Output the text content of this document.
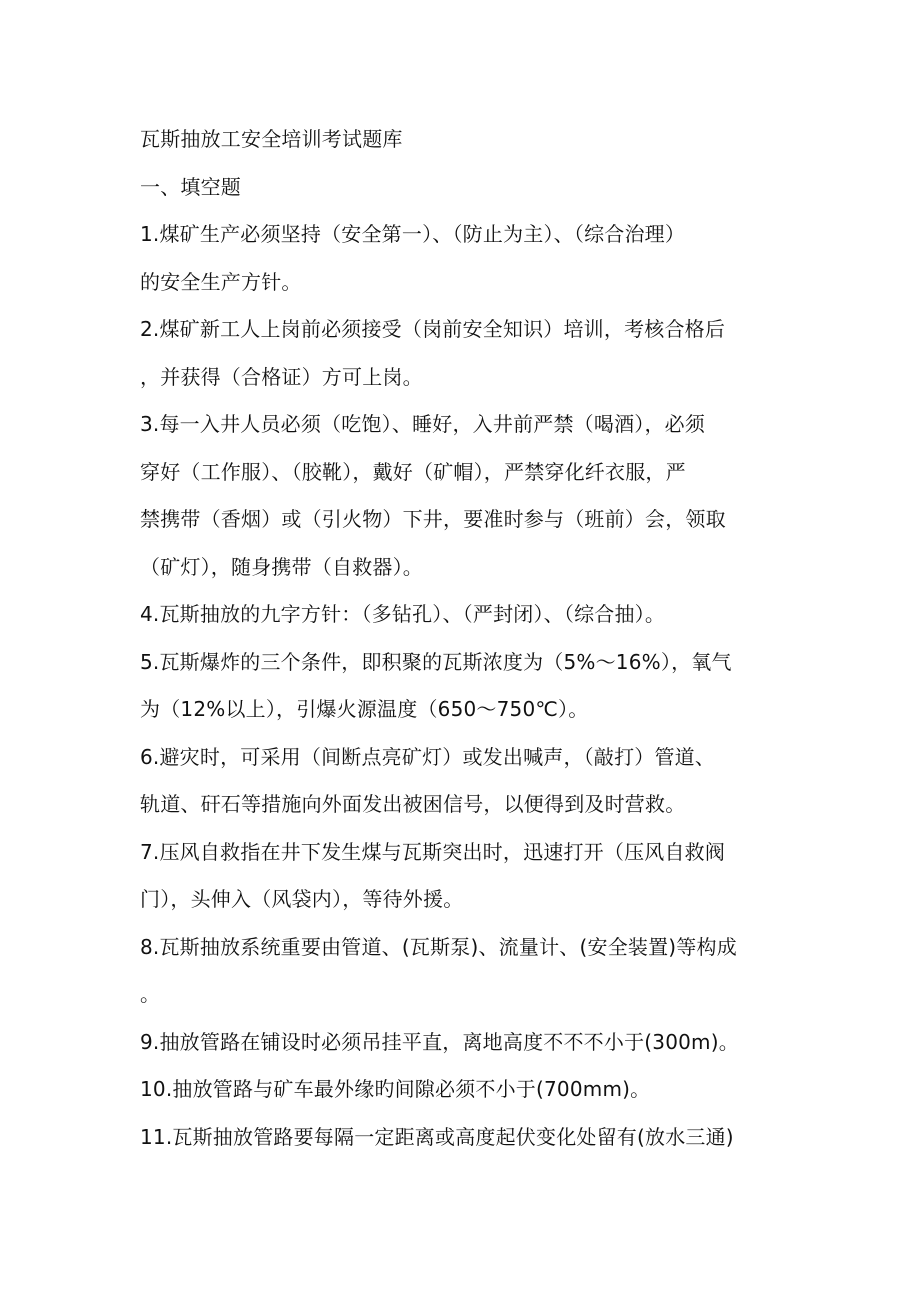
瓦斯抽放工安全培训考试题库
一、填空题
1.煤矿生产必须坚持（安全第一）、（防止为主）、（综合治理）
的安全生产方针。
2.煤矿新工人上岗前必须接受（岗前安全知识）培训，考核合格后
，并获得（合格证）方可上岗。
3.每一入井人员必须（吃饱）、睡好，入井前严禁（喝酒），必须
穿好（工作服）、（胶靴），戴好（矿帽），严禁穿化纤衣服，严
禁携带（香烟）或（引火物）下井，要准时参与（班前）会，领取
（矿灯），随身携带（自救器）。
4.瓦斯抽放的九字方针：（多钻孔）、（严封闭）、（综合抽）。
5.瓦斯爆炸的三个条件，即积聚的瓦斯浓度为（5%～16%），氧气
为（12%以上），引爆火源温度（650～750℃）。
6.避灾时，可采用（间断点亮矿灯）或发出喊声，（敲打）管道、
轨道、矸石等措施向外面发出被困信号，以便得到及时营救。
7.压风自救指在井下发生煤与瓦斯突出时，迅速打开（压风自救阀
门），头伸入（风袋内），等待外援。
8.瓦斯抽放系统重要由管道、(瓦斯泵)、流量计、(安全装置)等构成
。
9.抽放管路在铺设时必须吊挂平直，离地高度不不不小于(300m)。
10.抽放管路与矿车最外缘旳间隙必须不小于(700mm)。
11.瓦斯抽放管路要每隔一定距离或高度起伏变化处留有(放水三通)
